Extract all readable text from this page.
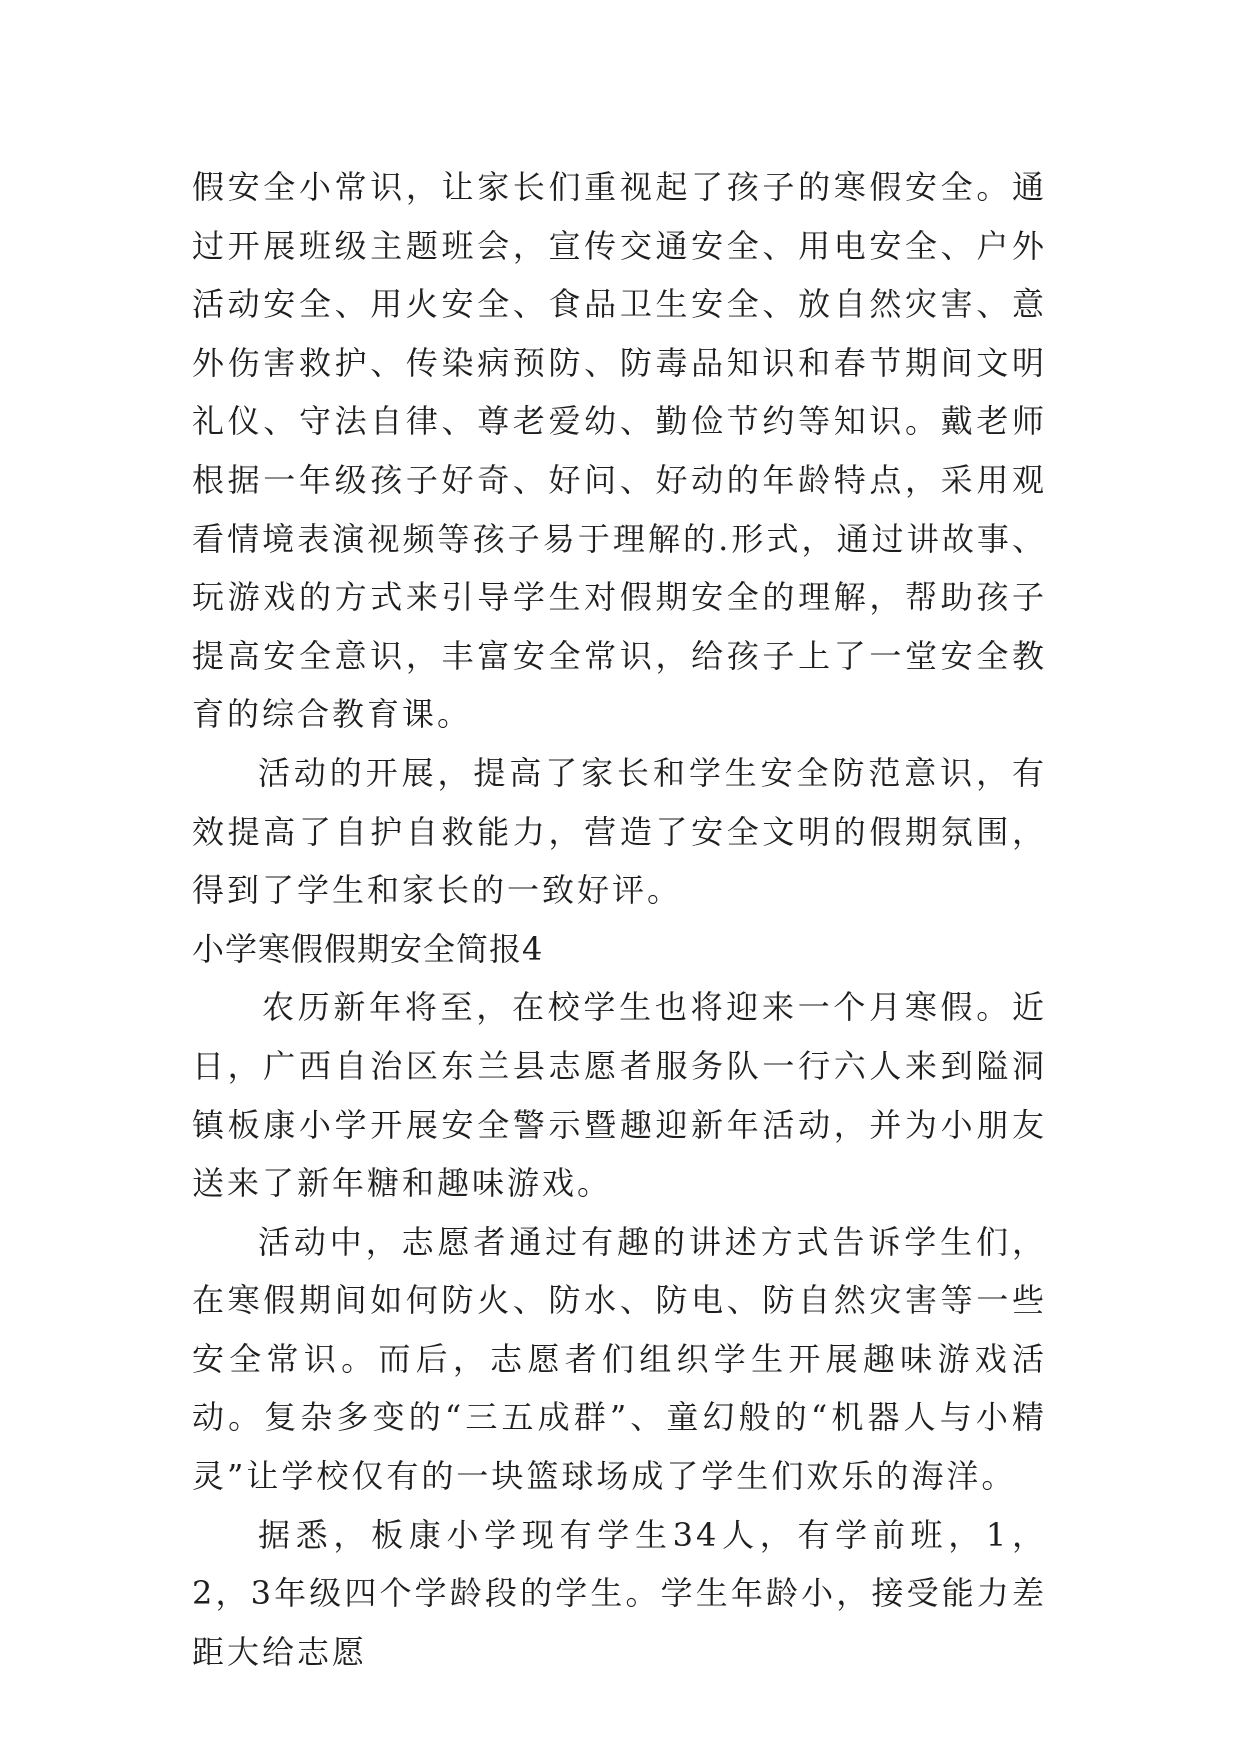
假安全小常识，让家长们重视起了孩子的寒假安全。通过开展班级主题班会，宣传交通安全、用电安全、户外活动安全、用火安全、食品卫生安全、放自然灾害、意外伤害救护、传染病预防、防毒品知识和春节期间文明礼仪、守法自律、尊老爱幼、勤俭节约等知识。戴老师根据一年级孩子好奇、好问、好动的年龄特点，采用观看情境表演视频等孩子易于理解的.形式，通过讲故事、玩游戏的方式来引导学生对假期安全的理解，帮助孩子提高安全意识，丰富安全常识，给孩子上了一堂安全教育的综合教育课。

活动的开展，提高了家长和学生安全防范意识，有效提高了自护自救能力，营造了安全文明的假期氛围，得到了学生和家长的一致好评。

小学寒假假期安全简报4

农历新年将至，在校学生也将迎来一个月寒假。近日，广西自治区东兰县志愿者服务队一行六人来到隘洞镇板康小学开展安全警示暨趣迎新年活动，并为小朋友送来了新年糖和趣味游戏。

活动中，志愿者通过有趣的讲述方式告诉学生们，在寒假期间如何防火、防水、防电、防自然灾害等一些安全常识。而后，志愿者们组织学生开展趣味游戏活动。复杂多变的“三五成群”、童幻般的“机器人与小精灵”让学校仅有的一块篮球场成了学生们欢乐的海洋。

据悉，板康小学现有学生34人，有学前班，1，2，3年级四个学龄段的学生。学生年龄小，接受能力差距大给志愿
